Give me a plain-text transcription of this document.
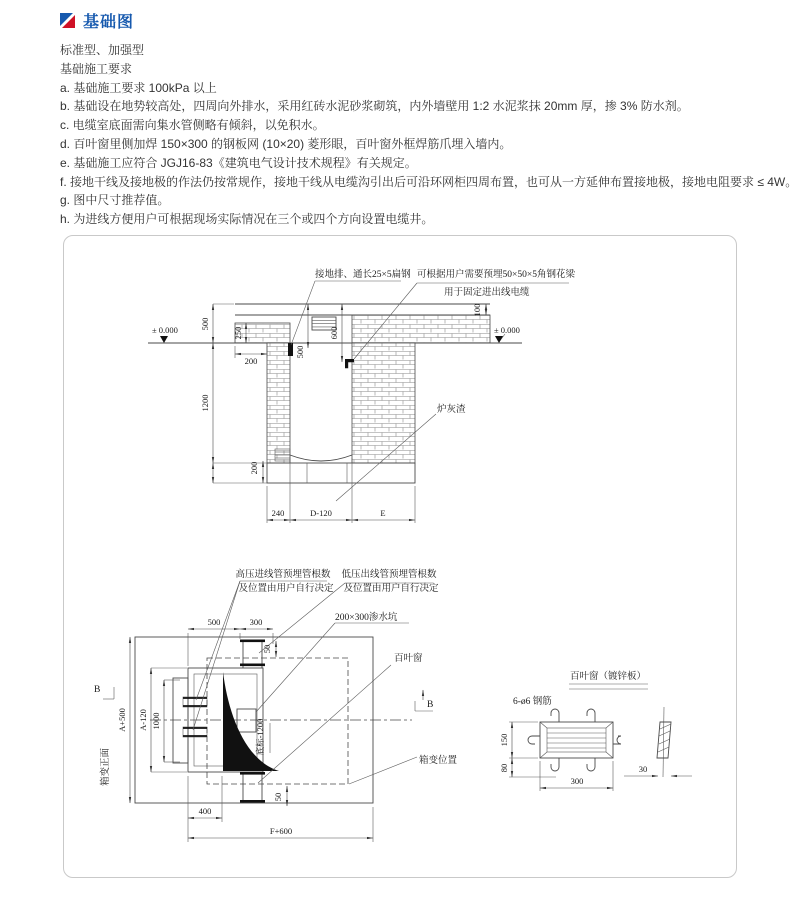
基础图
标准型、加强型
基础施工要求
a. 基础施工要求 100kPa 以上
b. 基础设在地势较高处，四周向外排水，采用红砖水泥砂浆砌筑，内外墙壁用 1:2 水泥浆抹 20mm 厚，掺 3% 防水剂。
c. 电缆室底面需向集水管侧略有倾斜，以免积水。
d. 百叶窗里侧加焊 150×300 的钢板网 (10×20) 菱形眼，百叶窗外框焊筋爪埋入墙内。
e. 基础施工应符合 JGJ16-83《建筑电气设计技术规程》有关规定。
f. 接地干线及接地极的作法仍按常规作，接地干线从电缆沟引出后可沿环网柜四周布置，也可从一方延伸布置接地极，接地电阻要求 ≤ 4W。
g. 图中尺寸推荐值。
h. 为进线方便用户可根据现场实际情况在三个或四个方向设置电缆井。
± 0.000	± 0.000
500
1200
250
200
200
500
600
100
240	D-120	E
接地排、通长25×5扁钢 可根据用户需要预埋50×50×5角钢花梁
用于固定进出线电缆
炉灰渣
底标-1200
B
B
高压进线管预埋管根数
及位置由用户自行决定
低压出线管预埋管根数
及位置由用户自行决定
200×300渗水坑
百叶窗
箱变位置
箱变正面
500	300
50
A+500 A-120 1000
400
F+600
50
百叶窗（镀锌板）
6-ø6 钢筋
150
80
300
30
